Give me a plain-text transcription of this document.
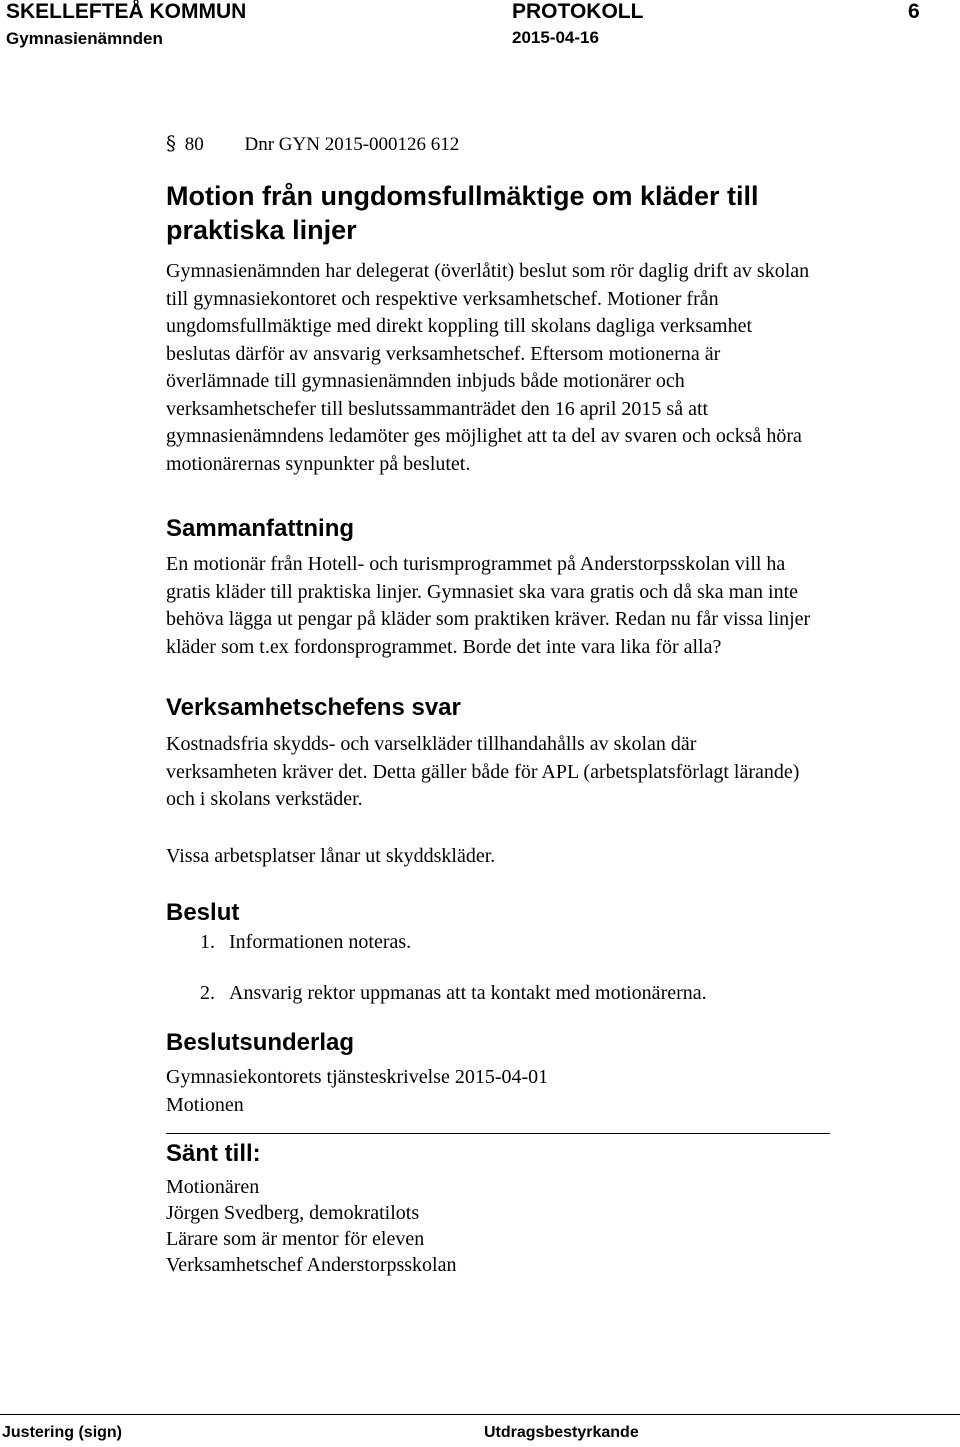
SKELLEFTEÅ KOMMUN	PROTOKOLL	6
Gymnasienämnden	2015-04-16
§ 80 Dnr GYN 2015-000126 612
Motion från ungdomsfullmäktige om kläder till
praktiska linjer
Gymnasienämnden har delegerat (överlåtit) beslut som rör daglig drift av skolan
till gymnasiekontoret och respektive verksamhetschef. Motioner från
ungdomsfullmäktige med direkt koppling till skolans dagliga verksamhet
beslutas därför av ansvarig verksamhetschef. Eftersom motionerna är
överlämnade till gymnasienämnden inbjuds både motionärer och
verksamhetschefer till beslutssammanträdet den 16 april 2015 så att
gymnasienämndens ledamöter ges möjlighet att ta del av svaren och också höra
motionärernas synpunkter på beslutet.
Sammanfattning
En motionär från Hotell- och turismprogrammet på Anderstorpsskolan vill ha
gratis kläder till praktiska linjer. Gymnasiet ska vara gratis och då ska man inte
behöva lägga ut pengar på kläder som praktiken kräver. Redan nu får vissa linjer
kläder som t.ex fordonsprogrammet. Borde det inte vara lika för alla?
Verksamhetschefens svar
Kostnadsfria skydds- och varselkläder tillhandahålls av skolan där
verksamheten kräver det. Detta gäller både för APL (arbetsplatsförlagt lärande)
och i skolans verkstäder.
Vissa arbetsplatser lånar ut skyddskläder.
Beslut
1. Informationen noteras.
2. Ansvarig rektor uppmanas att ta kontakt med motionärerna.
Beslutsunderlag
Gymnasiekontorets tjänsteskrivelse 2015-04-01
Motionen
Sänt till:
Motionären
Jörgen Svedberg, demokratilots
Lärare som är mentor för eleven
Verksamhetschef Anderstorpsskolan
Justering (sign)	Utdragsbestyrkande
